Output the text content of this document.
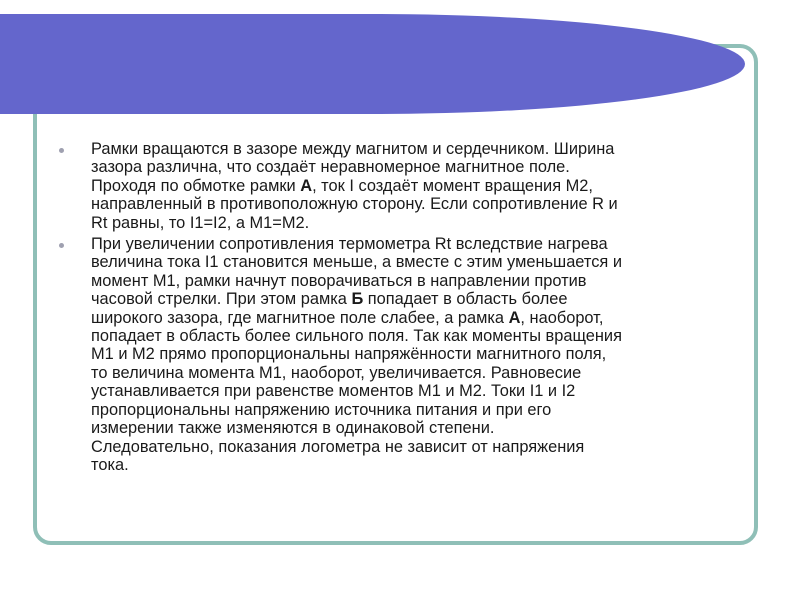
Рамки вращаются в зазоре между магнитом и сердечником. Ширина
зазора различна, что создаёт неравномерное магнитное поле.
Проходя по обмотке рамки А, ток I создаёт момент вращения М2,
направленный в противоположную сторону. Если сопротивление R и
Rt равны, то I1=I2, а M1=M2.
При увеличении сопротивления термометра Rt вследствие нагрева
величина тока I1 становится меньше, а вместе с этим уменьшается и
момент М1, рамки начнут поворачиваться в направлении против
часовой стрелки. При этом рамка Б попадает в область более
широкого зазора, где магнитное поле слабее, а рамка А, наоборот,
попадает в область более сильного поля. Так как моменты вращения
М1 и М2 прямо пропорциональны напряжённости магнитного поля,
то величина момента М1, наоборот, увеличивается. Равновесие
устанавливается при равенстве моментов М1 и М2. Токи I1 и I2
пропорциональны напряжению источника питания и при его
измерении также изменяются в одинаковой степени.
Следовательно, показания логометра не зависит от напряжения
тока.
